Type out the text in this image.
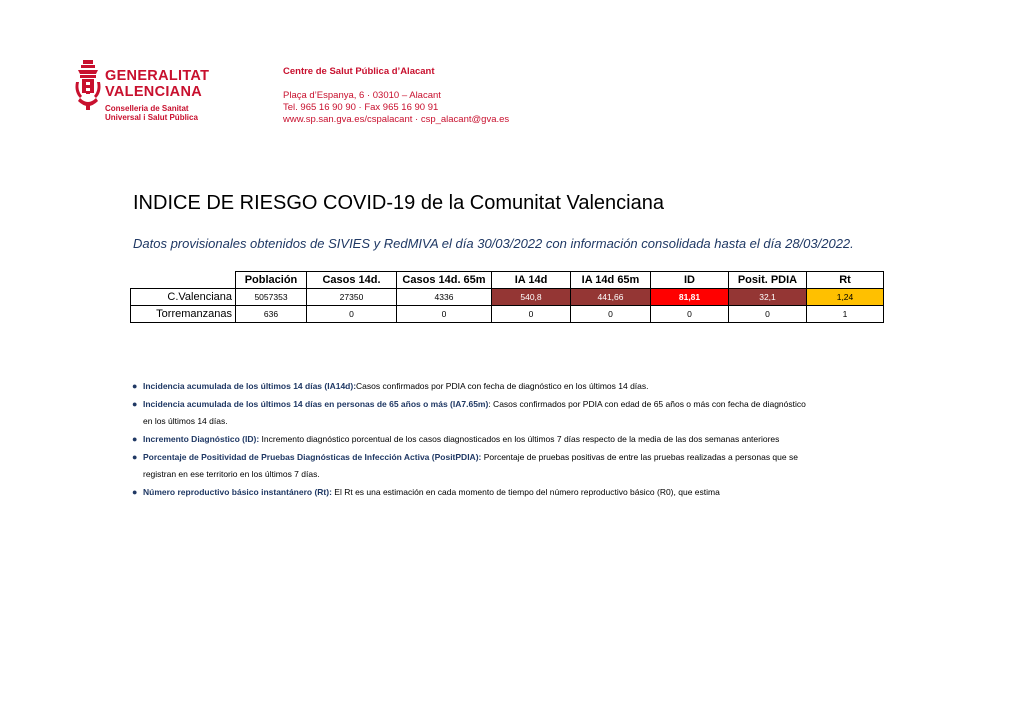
GENERALITAT
VALENCIANA
Conselleria de Sanitat
Universal i Salut Pública
Centre de Salut Pública d’Alacant
Plaça d’Espanya, 6 · 03010 – Alacant
Tel. 965 16 90 90 · Fax 965 16 90 91
www.sp.san.gva.es/cspalacant · csp_alacant@gva.es
INDICE DE RIESGO COVID-19 de la Comunitat Valenciana
Datos provisionales obtenidos de SIVIES y RedMIVA el día 30/03/2022 con información consolidada hasta el día 28/03/2022.
	Población	Casos 14d.	Casos 14d. 65m	IA 14d	IA 14d 65m	ID	Posit. PDIA	Rt
C.Valenciana	5057353	27350	4336	540,8	441,66	81,81	32,1	1,24
Torremanzanas	636	0	0	0	0	0	0	1
● Incidencia acumulada de los últimos 14 días (IA14d):Casos confirmados por PDIA con fecha de diagnóstico en los últimos 14 días.
● Incidencia acumulada de los últimos 14 días en personas de 65 años o más (IA7.65m): Casos confirmados por PDIA con edad de 65 años o más con fecha de diagnóstico en los últimos 14 días.
● Incremento Diagnóstico (ID): Incremento diagnóstico porcentual de los casos diagnosticados en los últimos 7 días respecto de la media de las dos semanas anteriores
● Porcentaje de Positividad de Pruebas Diagnósticas de Infección Activa (PositPDIA): Porcentaje de pruebas positivas de entre las pruebas realizadas a personas que se registran en ese territorio en los últimos 7 días.
● Número reproductivo básico instantánero (Rt): El Rt es una estimación en cada momento de tiempo del número reproductivo básico (R0), que estima
